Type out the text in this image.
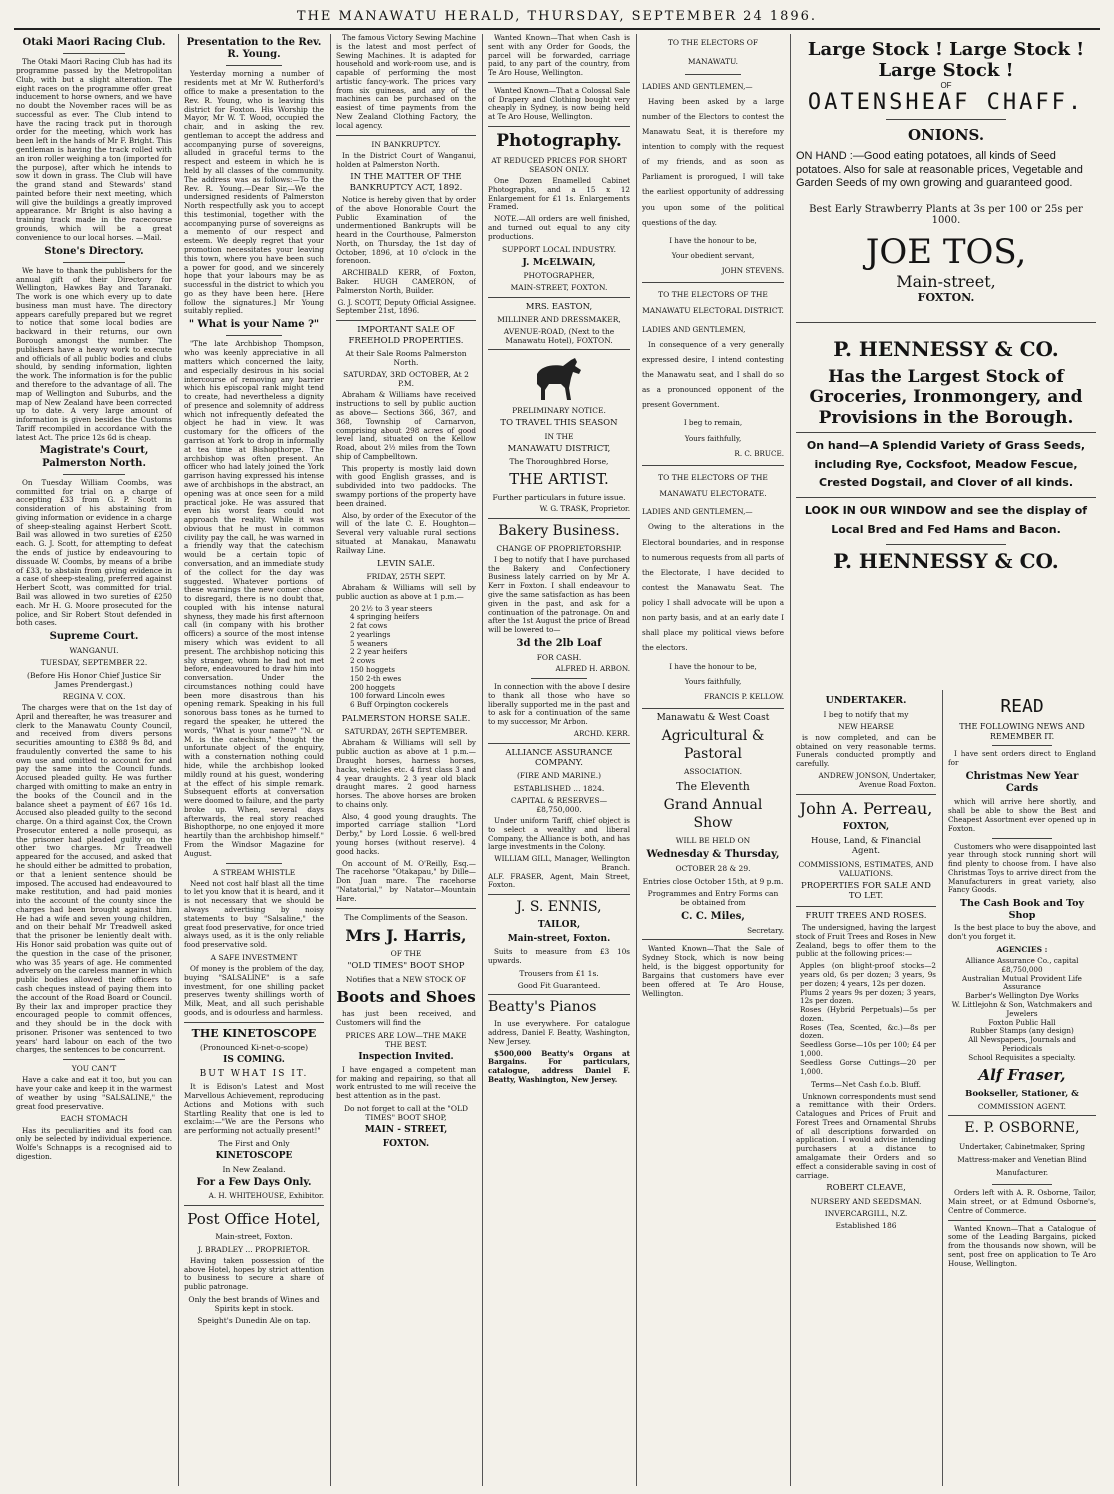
THE MANAWATU HERALD, THURSDAY, SEPTEMBER 24 1896.
Otaki Maori Racing Club.

The Otaki Maori Racing Club has had its programme passed by the Metropolitan Club, with but a slight alteration. The eight races on the programme offer great inducement to horse owners, and we have no doubt the November races will be as successful as ever. The Club intend to have the racing track put in thorough order for the meeting, which work has been left in the hands of Mr F. Bright. This gentleman is having the track rolled with an iron roller weighing a ton (imported for the purpose), after which he intends to sow it down in grass. The Club will have the grand stand and Stewards' stand painted before their next meeting, which will give the buildings a greatly improved appearance. Mr Bright is also having a training track made in the racecourse grounds, which will be a great convenience to our local horses. —Mail.

Stone's Directory.

We have to thank the publishers for the annual gift of their Directory for Wellington, Hawkes Bay and Taranaki. The work is one which every up to date business man must have. The directory appears carefully prepared but we regret to notice that some local bodies are backward in their returns, our own Borough amongst the number. The publishers have a heavy work to execute and officials of all public bodies and clubs should, by sending information, lighten the work. The information is for the public and therefore to the advantage of all. The map of Wellington and Suburbs, and the map of New Zealand have been corrected up to date. A very large amount of information is given besides the Customs Tariff recompiled in accordance with the latest Act. The price 12s 6d is cheap.

Magistrate's Court, Palmerston North.

On Tuesday William Coombs, was committed for trial on a charge of accepting £33 from G. P. Scott in consideration of his abstaining from giving information or evidence in a charge of sheep-stealing against Herbert Scott. Bail was allowed in two sureties of £250 each. G. J. Scott, for attempting to defeat the ends of justice by endeavouring to dissuade W. Coombs, by means of a bribe of £33, to abstain from giving evidence in a case of sheep-stealing, preferred against Herbert Scott, was committed for trial. Bail was allowed in two sureties of £250 each. Mr H. G. Moore prosecuted for the police, and Sir Robert Stout defended in both cases.

Supreme Court.
WANGANUI.
TUESDAY, SEPTEMBER 22.
(Before His Honor Chief Justice Sir James Prendergast.)
REGINA V. COX.

The charges were that on the 1st day of April and thereafter, he was treasurer and clerk to the Manawatu County Council, and received from divers persons securities amounting to £388 9s 8d, and fraudulently converted the same to his own use and omitted to account for and pay the same into the Council funds. Accused pleaded guilty. He was further charged with omitting to make an entry in the books of the Council and in the balance sheet a payment of £67 16s 1d. Accused also pleaded guilty to the second charge. On a third against Cox, the Crown Prosecutor entered a nolle prosequi, as the prisoner had pleaded guilty on the other two charges. Mr Treadwell appeared for the accused, and asked that he should either be admitted to probation, or that a lenient sentence should be imposed. The accused had endeavoured to make restitution, and had paid monies into the account of the county since the charges had been brought against him. He had a wife and seven young children, and on their behalf Mr Treadwell asked that the prisoner be leniently dealt with. His Honor said probation was quite out of the question in the case of the prisoner, who was 35 years of age. He commented adversely on the careless manner in which public bodies allowed their officers to cash cheques instead of paying them into the account of the Road Board or Council. By their lax and improper practice they encouraged people to commit offences, and they should be in the dock with prisoner. Prisoner was sentenced to two years' hard labour on each of the two charges, the sentences to be concurrent.

YOU CAN'T

Have a cake and eat it too, but you can have your cake and keep it in the warmest of weather by using "SALSALINE," the great food preservative.

EACH STOMACH

Has its peculiarities and its food can only be selected by individual experience. Wolfe's Schnapps is a recognised aid to digestion.

Presentation to the Rev. R. Young.

Yesterday morning a number of residents met at Mr W. Rutherford's office to make a presentation to the Rev. R. Young, who is leaving this district for Foxton. His Worship the Mayor, Mr W. T. Wood, occupied the chair, and in asking the rev. gentleman to accept the address and accompanying purse of sovereigns, alluded in graceful terms to the respect and esteem in which he is held by all classes of the community. The address was as follows:—To the Rev. R. Young.—Dear Sir,—We the undersigned residents of Palmerston North respectfully ask you to accept this testimonial, together with the accompanying purse of sovereigns as a memento of our respect and esteem. We deeply regret that your promotion necessitates your leaving this town, where you have been such a power for good, and we sincerely hope that your labours may be as successful in the district to which you go as they have been here. [Here follow the signatures.] Mr Young suitably replied.

" What is your Name ?"

"The late Archbishop Thompson, who was keenly appreciative in all matters which concerned the laity, and especially desirous in his social intercourse of removing any barrier which his episcopal rank might tend to create, had nevertheless a dignity of presence and solemnity of address which not infrequently defeated the object he had in view. It was customary for the officers of the garrison at York to drop in informally at tea time at Bishopthorpe. The archbishop was often present. An officer who had lately joined the York garrison having expressed his intense awe of archbishops in the abstract, an opening was at once seen for a mild practical joke. He was assured that even his worst fears could not approach the reality. While it was obvious that he must in common civility pay the call, he was warned in a friendly way that the catechism would be a certain topic of conversation, and an immediate study of the collect for the day was suggested. Whatever portions of these warnings the new comer chose to disregard, there is no doubt that, coupled with his intense natural shyness, they made his first afternoon call (in company with his brother officers) a source of the most intense misery which was evident to all present. The archbishop noticing this shy stranger, whom he had not met before, endeavoured to draw him into conversation. Under the circumstances nothing could have been more disastrous than his opening remark. Speaking in his full sonorous bass tones as he turned to regard the speaker, he uttered the words, "What is your name?" "N. or M. is the catechism," thought the unfortunate object of the enquiry, with a consternation nothing could hide, while the archbishop looked mildly round at his guest, wondering at the effect of his simple remark. Subsequent efforts at conversation were doomed to failure, and the party broke up. When, several days afterwards, the real story reached Bishopthorpe, no one enjoyed it more heartily than the archbishop himself." From the Windsor Magazine for August.

A STREAM WHISTLE

Need not cost half blast all the time to let you know that it is heard, and it is not necessary that we should be always advertising by noisy statements to buy "Salsaline," the great food preservative, for once tried always used, as it is the only reliable food preservative sold.

A SAFE INVESTMENT

Of money is the problem of the day, buying "SALSALINE" is a safe investment, for one shilling packet preserves twenty shillings worth of Milk, Meat, and all such perishable goods, and is odourless and harmless.

THE KINETOSCOPE
(Pronounced Ki-net-o-scope)
IS COMING.
BUT WHAT IS IT.

It is Edison's Latest and Most Marvellous Achievement, reproducing Actions and Motions with such Startling Reality that one is led to exclaim:—"We are the Persons who are performing not actually present!"

The First and Only
KINETOSCOPE
In New Zealand.
For a Few Days Only.
A. H. WHITEHOUSE, Exhibitor.
Post Office Hotel,
Main-street, Foxton.
J. BRADLEY ... PROPRIETOR.

Having taken possession of the above Hotel, hopes by strict attention to business to secure a share of public patronage.

Only the best brands of Wines and Spirits kept in stock.
Speight's Dunedin Ale on tap.

The famous Victory Sewing Machine is the latest and most perfect of Sewing Machines. It is adapted for household and work-room use, and is capable of performing the most artistic fancy-work. The prices vary from six guineas, and any of the machines can be purchased on the easiest of time payments from the New Zealand Clothing Factory, the local agency.

IN BANKRUPTCY.

In the District Court of Wanganui, holden at Palmerston North.

IN THE MATTER OF THE BANKRUPTCY ACT, 1892.

Notice is hereby given that by order of the above Honorable Court the Public Examination of the undermentioned Bankrupts will be heard in the Courthouse, Palmerston North, on Thursday, the 1st day of October, 1896, at 10 o'clock in the forenoon.

ARCHIBALD KERR, of Foxton, Baker. HUGH CAMERON, of Palmerston North, Builder.

G. J. SCOTT, Deputy Official Assignee.
September 21st, 1896.
IMPORTANT SALE OF FREEHOLD PROPERTIES.
At their Sale Rooms Palmerston North.
SATURDAY, 3RD OCTOBER, At 2 P.M.

Abraham & Williams have received instructions to sell by public auction as above— Sections 366, 367, and 368, Township of Carnarvon, comprising about 298 acres of good level land, situated on the Kellow Road, about 2½ miles from the Town ship of Campbelltown.

This property is mostly laid down with good English grasses, and is subdivided into two paddocks. The swampy portions of the property have been drained.

Also, by order of the Executor of the will of the late C. E. Houghton— Several very valuable rural sections situated at Manakau, Manawatu Railway Line.

LEVIN SALE.
FRIDAY, 25TH SEPT.

Abraham & Williams will sell by public auction as above at 1 p.m.—

20 2½ to 3 year steers
4 springing heifers
2 fat cows
2 yearlings
5 weaners
2 2 year heifers
2 cows
150 hoggets
150 2-th ewes
200 hoggets
100 forward Lincoln ewes
6 Buff Orpington cockerels
PALMERSTON HORSE SALE.
SATURDAY, 26TH SEPTEMBER.

Abraham & Williams will sell by public auction as above at 1 p.m.— Draught horses, harness horses, hacks, vehicles etc. 4 first class 3 and 4 year draughts. 2 3 year old black draught mares. 2 good harness horses. The above horses are broken to chains only.

Also, 4 good young draughts. The imported carriage stallion "Lord Derby," by Lord Lossie. 6 well-bred young horses (without reserve). 4 good hacks.

On account of M. O'Reilly, Esq.— The racehorse "Otakapau," by Dille—Don Juan mare. The racehorse "Natatorial," by Natator—Mountain Hare.

The Compliments of the Season.
Mrs J. Harris,
OF THE
"OLD TIMES" BOOT SHOP
Notifies that a NEW STOCK OF
Boots and Shoes

has just been received, and Customers will find the

PRICES ARE LOW—THE MAKE THE BEST.
Inspection Invited.

I have engaged a competent man for making and repairing, so that all work entrusted to me will receive the best attention as in the past.

Do not forget to call at the "OLD TIMES" BOOT SHOP,
MAIN - STREET,
FOXTON.

Wanted Known—That when Cash is sent with any Order for Goods, the parcel will be forwarded, carriage paid, to any part of the country, from Te Aro House, Wellington.

Wanted Known—That a Colossal Sale of Drapery and Clothing bought very cheaply in Sydney, is now being held at Te Aro House, Wellington.

Photography.
AT REDUCED PRICES FOR SHORT SEASON ONLY.

One Dozen Enamelled Cabinet Photographs, and a 15 x 12 Enlargement for £1 1s. Enlargements Framed.

NOTE.—All orders are well finished, and turned out equal to any city productions.

SUPPORT LOCAL INDUSTRY.
J. McELWAIN,
PHOTOGRAPHER,
MAIN-STREET, FOXTON.
MRS. EASTON,
MILLINER AND DRESSMAKER,
AVENUE-ROAD, (Next to the Manawatu Hotel), FOXTON.
PRELIMINARY NOTICE.
TO TRAVEL THIS SEASON
IN THE
MANAWATU DISTRICT,
The Thoroughbred Horse,
THE ARTIST.
Further particulars in future issue.
W. G. TRASK, Proprietor.
Bakery Business.
CHANGE OF PROPRIETORSHIP.

I beg to notify that I have purchased the Bakery and Confectionery Business lately carried on by Mr A. Kerr in Foxton. I shall endeavour to give the same satisfaction as has been given in the past, and ask for a continuation of the patronage. On and after the 1st August the price of Bread will be lowered to—

3d the 2lb Loaf
FOR CASH.
ALFRED H. ARBON.

In connection with the above I desire to thank all those who have so liberally supported me in the past and to ask for a continuation of the same to my successor, Mr Arbon.

ARCHD. KERR.
ALLIANCE ASSURANCE COMPANY.
(FIRE AND MARINE.)
ESTABLISHED ... 1824.
CAPITAL & RESERVES— £8,750,000.

Under uniform Tariff, chief object is to select a wealthy and liberal Company, the Alliance is both, and has large investments in the Colony.

WILLIAM GILL, Manager, Wellington Branch.
ALF. FRASER, Agent, Main Street, Foxton.
J. S. ENNIS,
TAILOR,
Main-street, Foxton.

Suits to measure from £3 10s upwards.

Trousers from £1 1s.
Good Fit Guaranteed.
Beatty's Pianos

In use everywhere. For catalogue address, Daniel F. Beatty, Washington, New Jersey.

$500,000 Beatty's Organs at Bargains. For particulars, catalogue, address Daniel F. Beatty, Washington, New Jersey.

TO THE ELECTORS OF
MANAWATU.
LADIES AND GENTLEMEN,—

Having been asked by a large number of the Electors to contest the Manawatu Seat, it is therefore my intention to comply with the request of my friends, and as soon as Parliament is prorogued, I will take the earliest opportunity of addressing you upon some of the political questions of the day.

I have the honour to be,
Your obedient servant,
JOHN STEVENS.
TO THE ELECTORS OF THE MANAWATU ELECTORAL DISTRICT.
LADIES AND GENTLEMEN,

In consequence of a very generally expressed desire, I intend contesting the Manawatu seat, and I shall do so as a pronounced opponent of the present Government.

I beg to remain,
Yours faithfully,
R. C. BRUCE.
TO THE ELECTORS OF THE MANAWATU ELECTORATE.
LADIES AND GENTLEMEN,—

Owing to the alterations in the Electoral boundaries, and in response to numerous requests from all parts of the Electorate, I have decided to contest the Manawatu Seat. The policy I shall advocate will be upon a non party basis, and at an early date I shall place my political views before the electors.

I have the honour to be,
Yours faithfully,
FRANCIS P. KELLOW.
Manawatu & West Coast
Agricultural & Pastoral
ASSOCIATION.
The Eleventh
Grand Annual Show
WILL BE HELD ON
Wednesday & Thursday,
OCTOBER 28 & 29.
Entries close October 15th, at 9 p.m.
Programmes and Entry Forms can be obtained from
C. C. Miles,
Secretary.

Wanted Known—That the Sale of Sydney Stock, which is now being held, is the biggest opportunity for Bargains that customers have ever been offered at Te Aro House, Wellington.

Large Stock ! Large Stock ! Large Stock !
OF
OATENSHEAF CHAFF.
ONIONS.
ON HAND :—Good eating potatoes, all kinds of Seed potatoes. Also for sale at reasonable prices, Vegetable and Garden Seeds of my own growing and guaranteed good.
Best Early Strawberry Plants at 3s per 100 or 25s per 1000.
JOE TOS,
Main-street,
FOXTON.
P. HENNESSY & CO.
Has the Largest Stock of Groceries, Ironmongery, and Provisions in the Borough.
On hand—A Splendid Variety of Grass Seeds, including Rye, Cocksfoot, Meadow Fescue, Crested Dogstail, and Clover of all kinds.
LOOK IN OUR WINDOW and see the display of Local Bred and Fed Hams and Bacon.
P. HENNESSY & CO.
UNDERTAKER.
I beg to notify that my
NEW HEARSE

is now completed, and can be obtained on very reasonable terms. Funerals conducted promptly and carefully.

ANDREW JONSON, Undertaker, Avenue Road Foxton.
John A. Perreau,
FOXTON,
House, Land, & Financial Agent.
COMMISSIONS, ESTIMATES, AND VALUATIONS.
PROPERTIES FOR SALE AND TO LET.
FRUIT TREES AND ROSES.

The undersigned, having the largest stock of Fruit Trees and Roses in New Zealand, begs to offer them to the public at the following prices:—

Apples (on blight-proof stocks—2 years old, 6s per dozen; 3 years, 9s per dozen; 4 years, 12s per dozen.
Plums 2 years 9s per dozen; 3 years, 12s per dozen.
Roses (Hybrid Perpetuals)—5s per dozen.
Roses (Tea, Scented, &c.)—8s per dozen.
Seedless Gorse—10s per 100; £4 per 1,000.
Seedless Gorse Cuttings—20 per 1,000.
Terms—Net Cash f.o.b. Bluff.

Unknown correspondents must send a remittance with their Orders. Catalogues and Prices of Fruit and Forest Trees and Ornamental Shrubs of all descriptions forwarded on application. I would advise intending purchasers at a distance to amalgamate their Orders and so effect a considerable saving in cost of carriage.

ROBERT CLEAVE,
NURSERY AND SEEDSMAN.
INVERCARGILL, N.Z.
Established 186
READ
THE FOLLOWING NEWS AND REMEMBER IT.

I have sent orders direct to England for

Christmas New Year Cards

which will arrive here shortly, and shall be able to show the Best and Cheapest Assortment ever opened up in Foxton.

Customers who were disappointed last year through stock running short will find plenty to choose from. I have also Christmas Toys to arrive direct from the Manufacturers in great variety, also Fancy Goods.

The Cash Book and Toy Shop

Is the best place to buy the above, and don't you forget it.

AGENCIES :
Alliance Assurance Co., capital £8,750,000
Australian Mutual Provident Life Assurance
Barber's Wellington Dye Works
W. Littlejohn & Son, Watchmakers and Jewelers
Foxton Public Hall
Rubber Stamps (any design)
All Newspapers, Journals and Periodicals
School Requisites a specialty.
Alf Fraser,
Bookseller, Stationer, &
COMMISSION AGENT.
E. P. OSBORNE,
Undertaker, Cabinetmaker, Spring Mattress-maker and Venetian Blind Manufacturer.

Orders left with A. R. Osborne, Tailor, Main street, or at Edmund Osborne's, Centre of Commerce.

Wanted Known—That a Catalogue of some of the Leading Bargains, picked from the thousands now shown, will be sent, post free on application to Te Aro House, Wellington.
